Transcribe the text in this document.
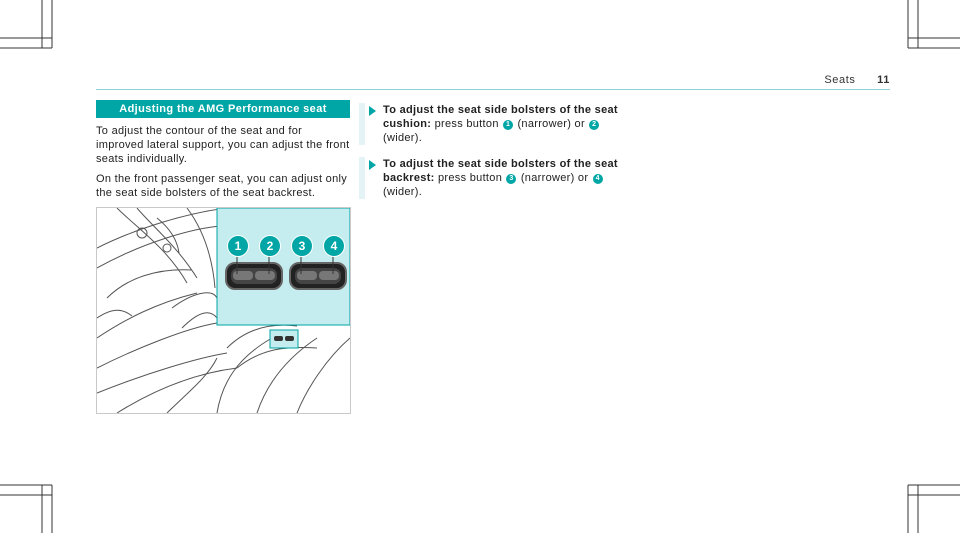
Seats 11
Adjusting the AMG Performance seat

To adjust the contour of the seat and for improved lateral support, you can adjust the front seats individually.

On the front passenger seat, you can adjust only the seat side bolsters of the seat backrest.

1	2	3	4
To adjust the seat side bolsters of the seat cushion: press button 1 (narrower) or 2 (wider).
To adjust the seat side bolsters of the seat backrest: press button 3 (narrower) or 4 (wider).
